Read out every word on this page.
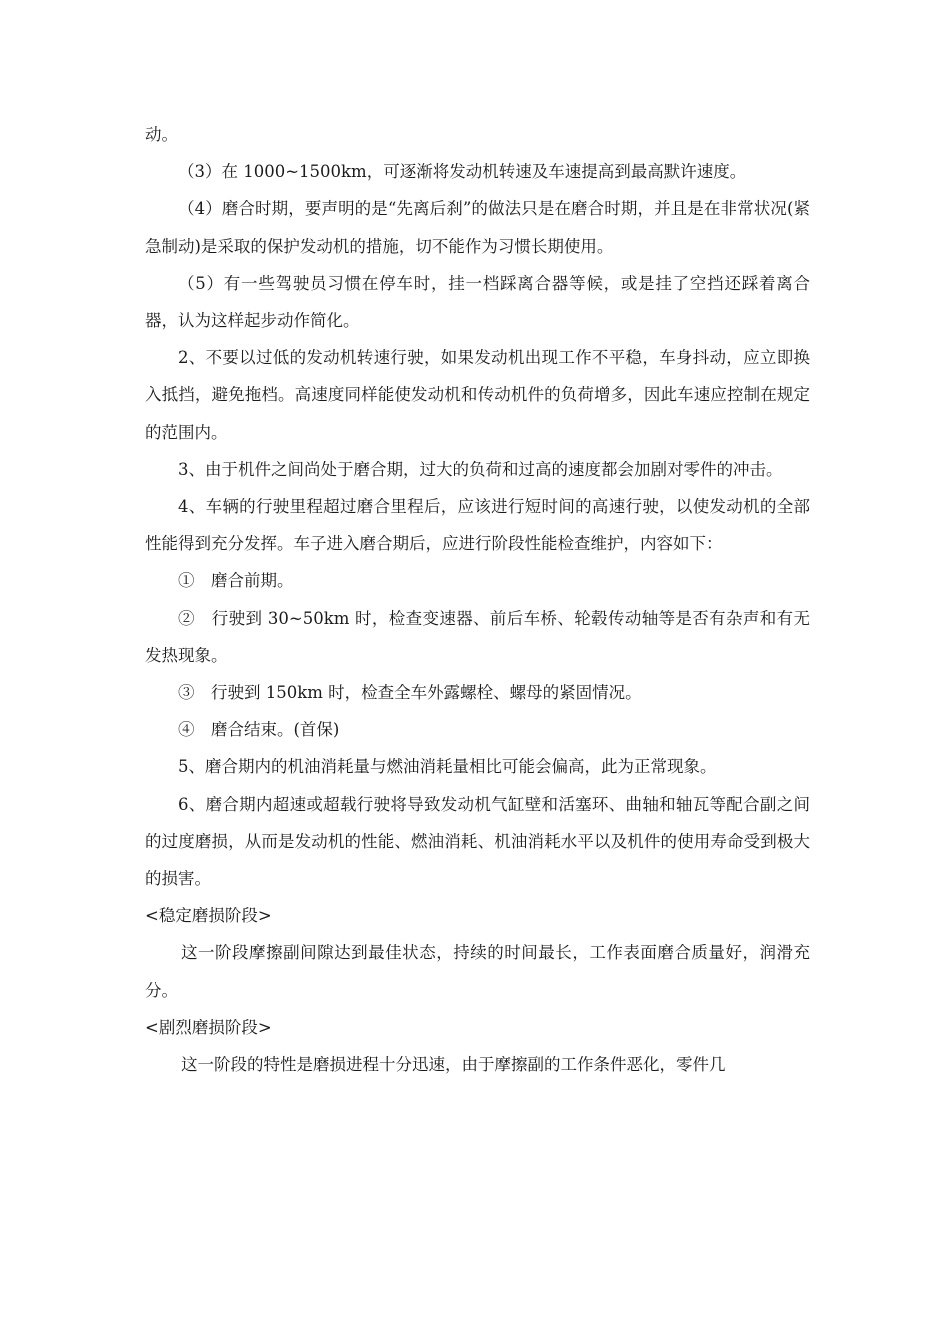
动。

（3）在 1000~1500km，可逐渐将发动机转速及车速提高到最高默许速度。

（4）磨合时期，要声明的是“先离后刹”的做法只是在磨合时期，并且是在非常状况(紧急制动)是采取的保护发动机的措施，切不能作为习惯长期使用。

（5）有一些驾驶员习惯在停车时，挂一档踩离合器等候，或是挂了空挡还踩着离合器，认为这样起步动作简化。

2、不要以过低的发动机转速行驶，如果发动机出现工作不平稳，车身抖动，应立即换入抵挡，避免拖档。高速度同样能使发动机和传动机件的负荷增多，因此车速应控制在规定的范围内。

3、由于机件之间尚处于磨合期，过大的负荷和过高的速度都会加剧对零件的冲击。

4、车辆的行驶里程超过磨合里程后，应该进行短时间的高速行驶，以使发动机的全部性能得到充分发挥。车子进入磨合期后，应进行阶段性能检查维护，内容如下：

①　磨合前期。

②　行驶到 30~50km 时，检查变速器、前后车桥、轮毂传动轴等是否有杂声和有无发热现象。

③　行驶到 150km 时，检查全车外露螺栓、螺母的紧固情况。

④　磨合结束。(首保)

5、磨合期内的机油消耗量与燃油消耗量相比可能会偏高，此为正常现象。

6、磨合期内超速或超载行驶将导致发动机气缸壁和活塞环、曲轴和轴瓦等配合副之间的过度磨损，从而是发动机的性能、燃油消耗、机油消耗水平以及机件的使用寿命受到极大的损害。

<稳定磨损阶段>

这一阶段摩擦副间隙达到最佳状态，持续的时间最长，工作表面磨合质量好，润滑充分。

<剧烈磨损阶段>

这一阶段的特性是磨损进程十分迅速，由于摩擦副的工作条件恶化，零件几
